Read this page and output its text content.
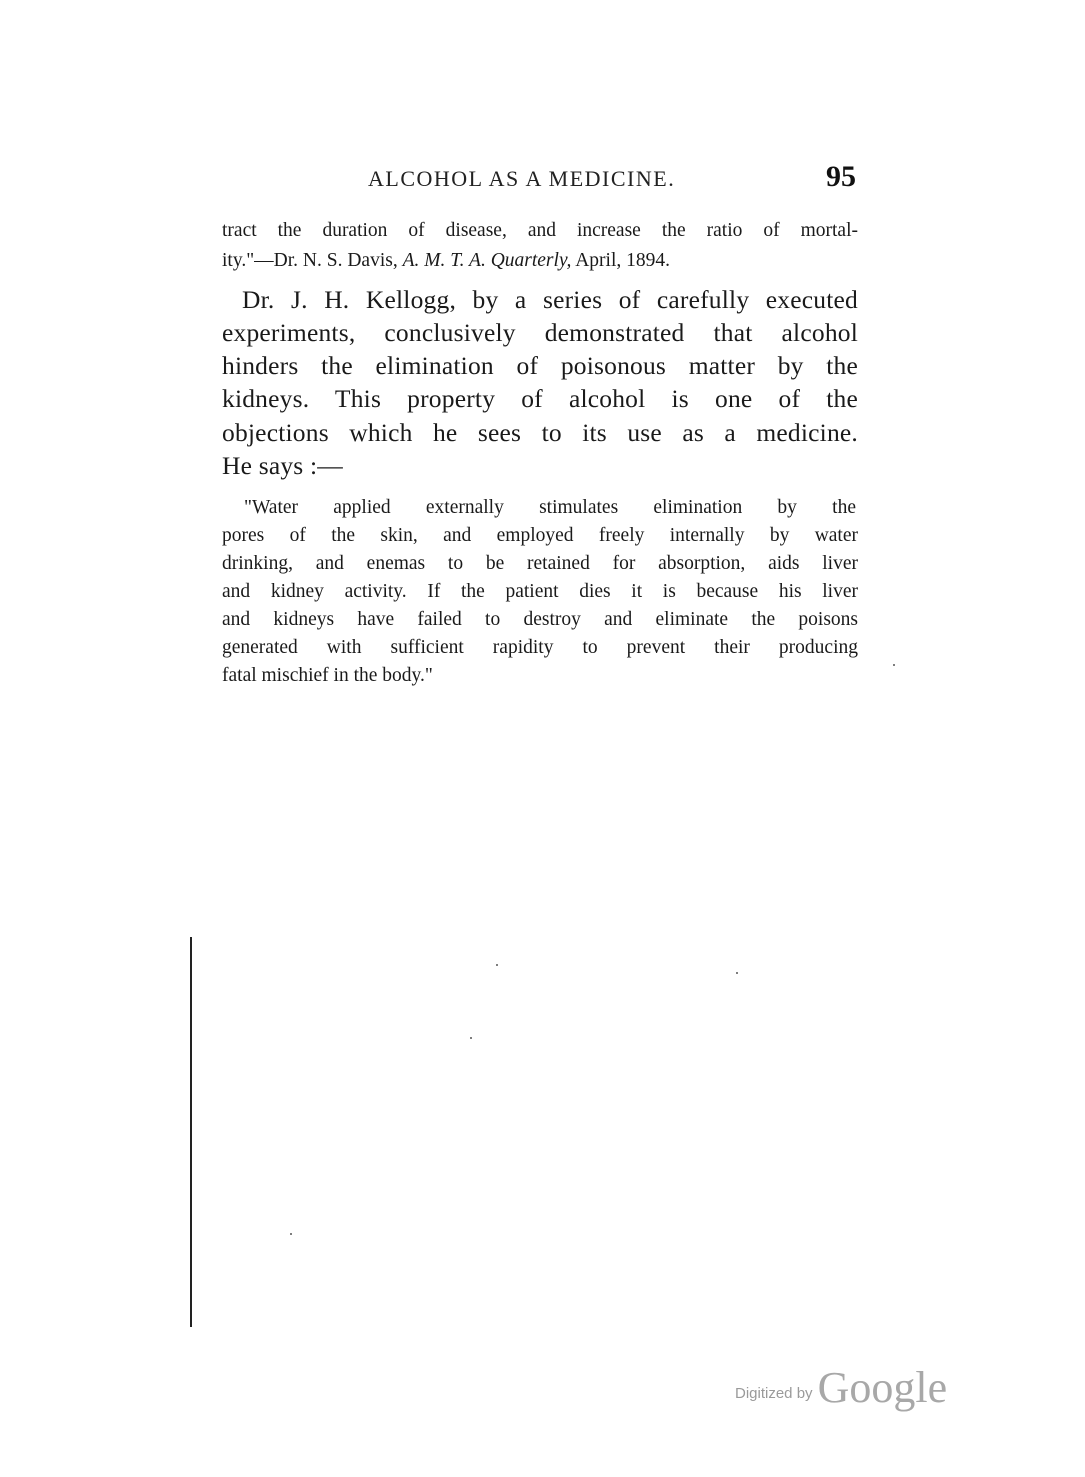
ALCOHOL AS A MEDICINE.	95
tract the duration of disease, and increase the ratio of mortal-
ity."—Dr. N. S. Davis, A. M. T. A. Quarterly, April, 1894.
Dr. J. H. Kellogg, by a series of carefully executed
experiments, conclusively demonstrated that alcohol
hinders the elimination of poisonous matter by the
kidneys. This property of alcohol is one of the
objections which he sees to its use as a medicine.
He says :—
"Water applied externally stimulates elimination by the
pores of the skin, and employed freely internally by water
drinking, and enemas to be retained for absorption, aids liver
and kidney activity. If the patient dies it is because his liver
and kidneys have failed to destroy and eliminate the poisons
generated with sufficient rapidity to prevent their producing
fatal mischief in the body."
Digitized by Google
